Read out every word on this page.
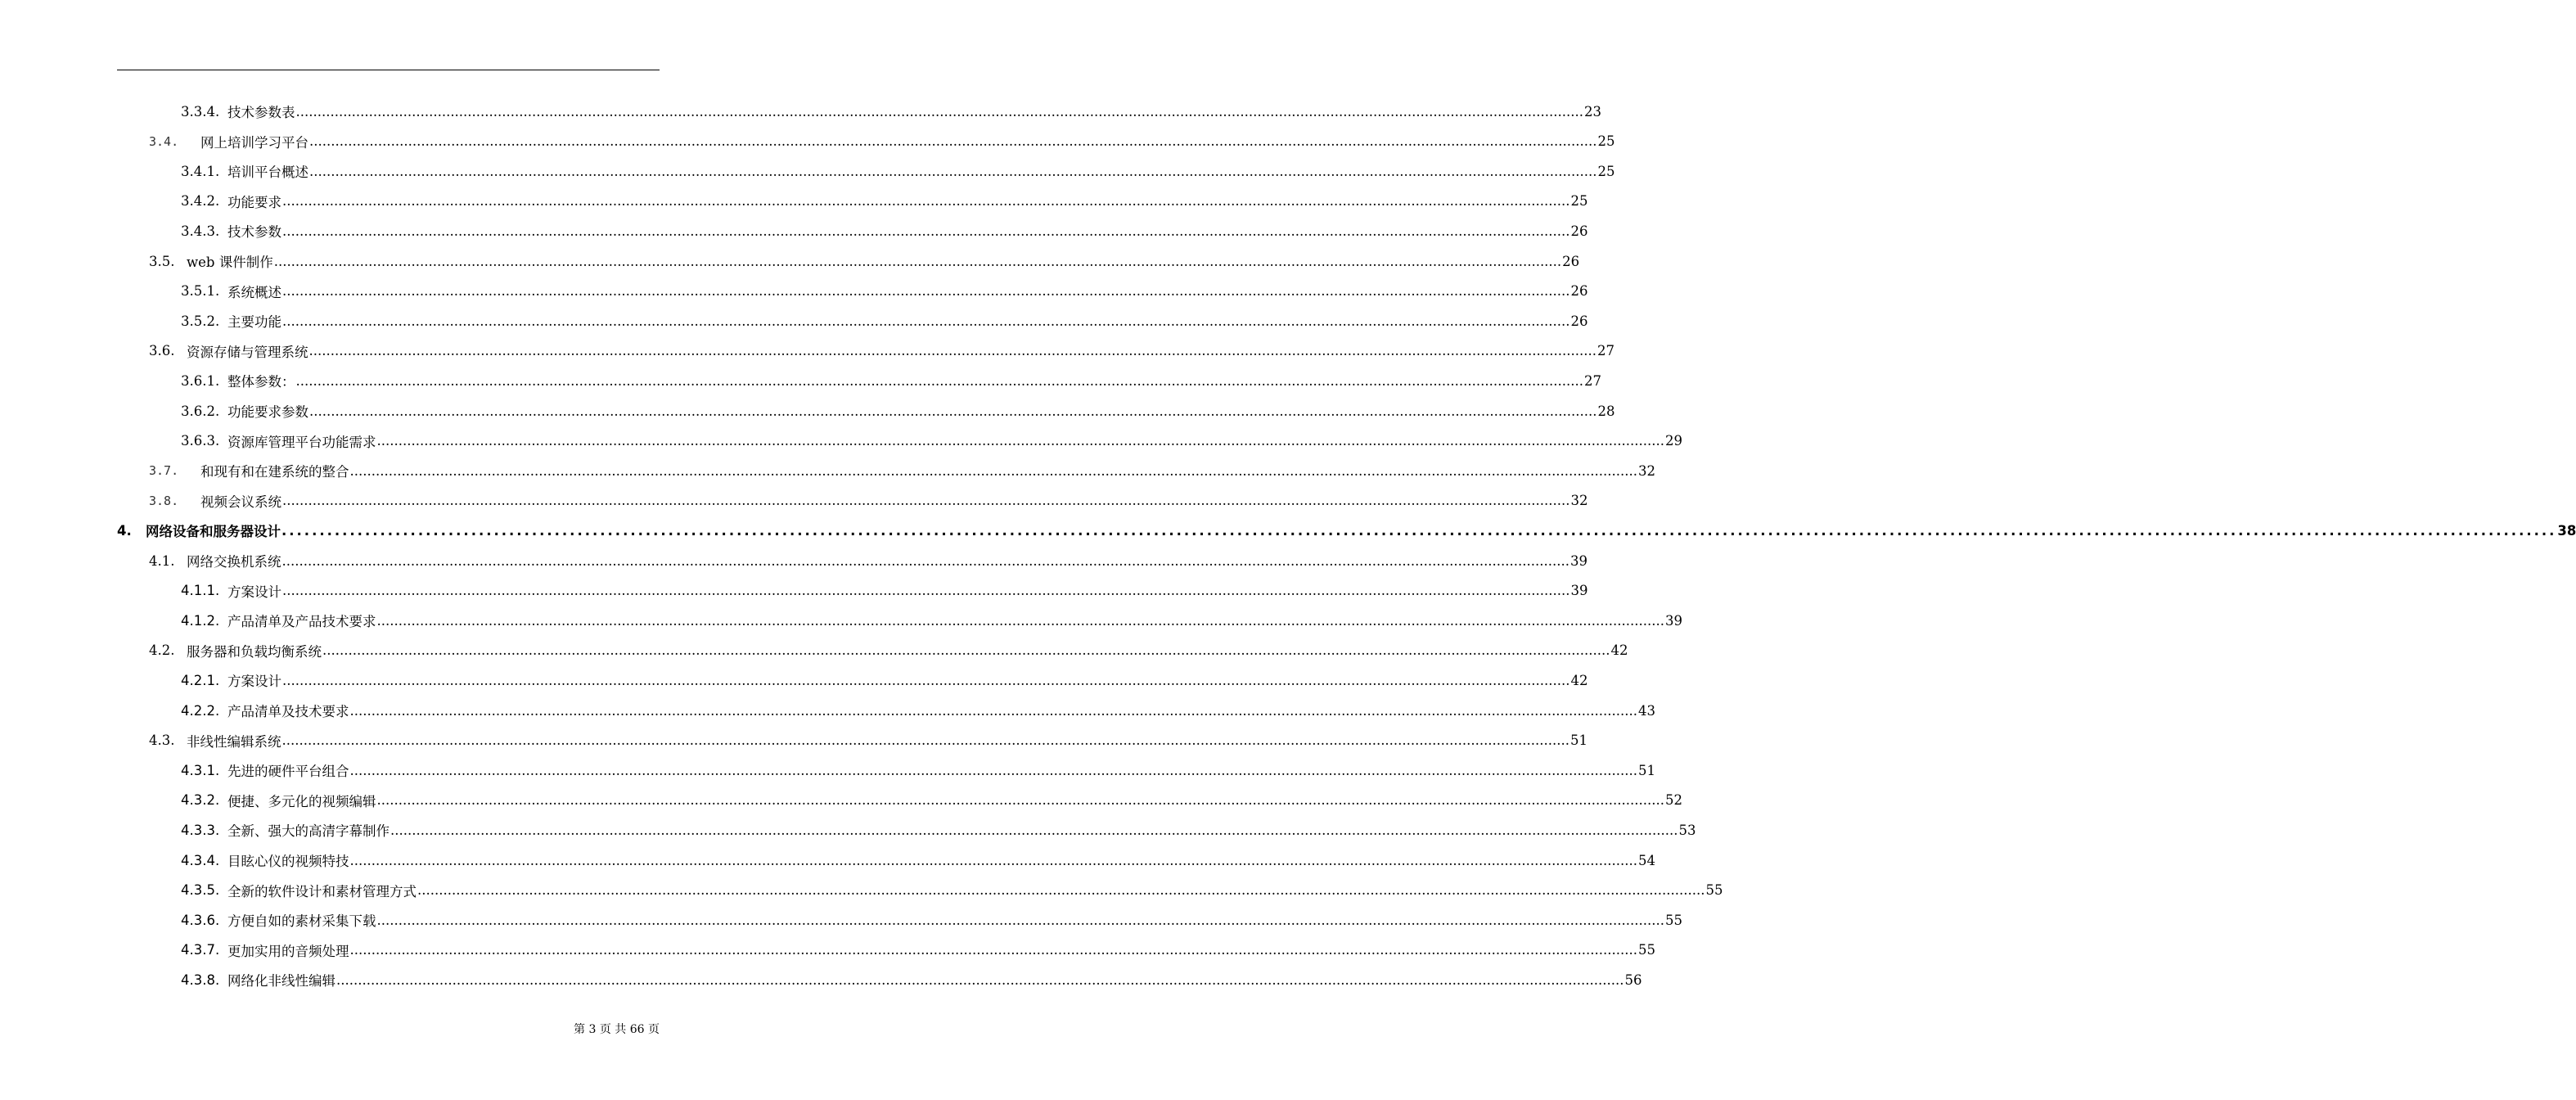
3.3.4. 技术参数表 ............................................................................................................................................................................................................................................................................................................ 23
3.4.	网上培训学习平台 ............................................................................................................................................................................................................................................................................................................ 25
3.4.1. 培训平台概述 ............................................................................................................................................................................................................................................................................................................ 25
3.4.2. 功能要求 ............................................................................................................................................................................................................................................................................................................ 25
3.4.3. 技术参数 ............................................................................................................................................................................................................................................................................................................ 26
3.5. web 课件制作 ............................................................................................................................................................................................................................................................................................................ 26
3.5.1. 系统概述 ............................................................................................................................................................................................................................................................................................................ 26
3.5.2. 主要功能 ............................................................................................................................................................................................................................................................................................................ 26
3.6. 资源存储与管理系统 ............................................................................................................................................................................................................................................................................................................ 27
3.6.1. 整体参数： ............................................................................................................................................................................................................................................................................................................ 27
3.6.2. 功能要求参数 ............................................................................................................................................................................................................................................................................................................ 28
3.6.3. 资源库管理平台功能需求 ............................................................................................................................................................................................................................................................................................................ 29
3.7.	和现有和在建系统的整合 ............................................................................................................................................................................................................................................................................................................ 32
3.8.	视频会议系统 ............................................................................................................................................................................................................................................................................................................ 32
4.	网络设备和服务器设计 ............................................................................................................................................................................................................................................................................................................ 38
4.1. 网络交换机系统 ............................................................................................................................................................................................................................................................................................................ 39
4.1.1. 方案设计 ............................................................................................................................................................................................................................................................................................................ 39
4.1.2. 产品清单及产品技术要求 ............................................................................................................................................................................................................................................................................................................ 39
4.2. 服务器和负载均衡系统 ............................................................................................................................................................................................................................................................................................................ 42
4.2.1. 方案设计 ............................................................................................................................................................................................................................................................................................................ 42
4.2.2. 产品清单及技术要求 ............................................................................................................................................................................................................................................................................................................ 43
4.3. 非线性编辑系统 ............................................................................................................................................................................................................................................................................................................ 51
4.3.1. 先进的硬件平台组合 ............................................................................................................................................................................................................................................................................................................ 51
4.3.2. 便捷、多元化的视频编辑 ............................................................................................................................................................................................................................................................................................................ 52
4.3.3. 全新、强大的高清字幕制作 ............................................................................................................................................................................................................................................................................................................ 53
4.3.4. 目眩心仪的视频特技 ............................................................................................................................................................................................................................................................................................................ 54
4.3.5. 全新的软件设计和素材管理方式 ............................................................................................................................................................................................................................................................................................................ 55
4.3.6. 方便自如的素材采集下载 ............................................................................................................................................................................................................................................................................................................ 55
4.3.7. 更加实用的音频处理 ............................................................................................................................................................................................................................................................................................................ 55
4.3.8. 网络化非线性编辑 ............................................................................................................................................................................................................................................................................................................ 56
第 3 页 共 66 页
